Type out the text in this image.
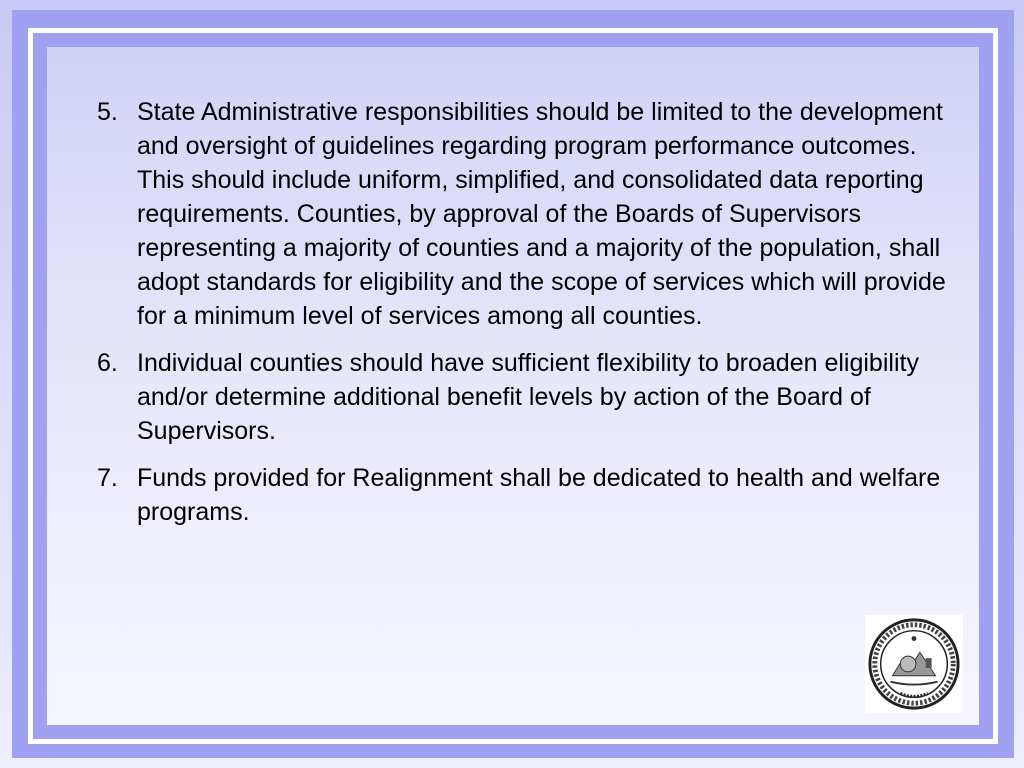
5. State Administrative responsibilities should be limited to the development and oversight of guidelines regarding program performance outcomes. This should include uniform, simplified, and consolidated data reporting requirements. Counties, by approval of the Boards of Supervisors representing a majority of counties and a majority of the population, shall adopt standards for eligibility and the scope of services which will provide for a minimum level of services among all counties.
6. Individual counties should have sufficient flexibility to broaden eligibility and/or determine additional benefit levels by action of the Board of Supervisors.
7. Funds provided for Realignment shall be dedicated to health and welfare programs.
